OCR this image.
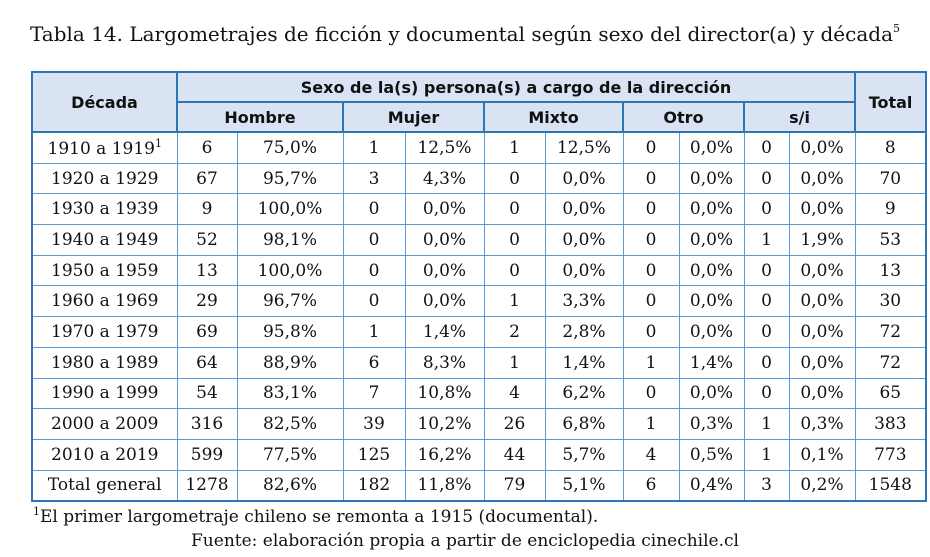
Tabla 14. Largometrajes de ficción y documental según sexo del director(a) y década$^5$
Década	Sexo de la(s) persona(s) a cargo de la dirección										Total
	Hombre		Mujer		Mixto		Otro		s/i		
1910 a 1919$^1$	6	75,0%	1	12,5%	1	12,5%	0	0,0%	0	0,0%	8
1920 a 1929	67	95,7%	3	4,3%	0	0,0%	0	0,0%	0	0,0%	70
1930 a 1939	9	100,0%	0	0,0%	0	0,0%	0	0,0%	0	0,0%	9
1940 a 1949	52	98,1%	0	0,0%	0	0,0%	0	0,0%	1	1,9%	53
1950 a 1959	13	100,0%	0	0,0%	0	0,0%	0	0,0%	0	0,0%	13
1960 a 1969	29	96,7%	0	0,0%	1	3,3%	0	0,0%	0	0,0%	30
1970 a 1979	69	95,8%	1	1,4%	2	2,8%	0	0,0%	0	0,0%	72
1980 a 1989	64	88,9%	6	8,3%	1	1,4%	1	1,4%	0	0,0%	72
1990 a 1999	54	83,1%	7	10,8%	4	6,2%	0	0,0%	0	0,0%	65
2000 a 2009	316	82,5%	39	10,2%	26	6,8%	1	0,3%	1	0,3%	383
2010 a 2019	599	77,5%	125	16,2%	44	5,7%	4	0,5%	1	0,1%	773
Total general	1278	82,6%	182	11,8%	79	5,1%	6	0,4%	3	0,2%	1548
$^1$El primer largometraje chileno se remonta a 1915 (documental).
Fuente: elaboración propia a partir de enciclopedia cinechile.cl
